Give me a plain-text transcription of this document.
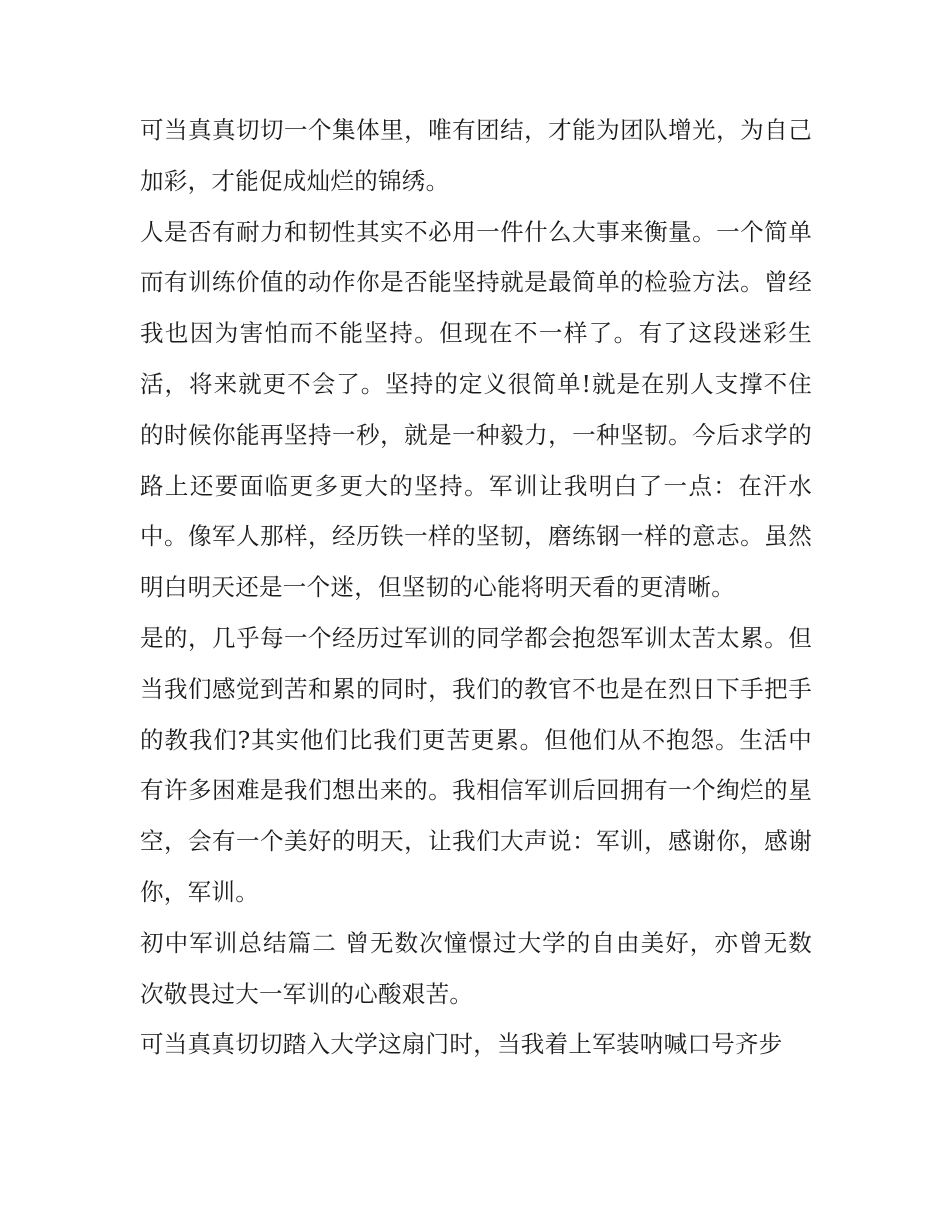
可当真真切切一个集体里，唯有团结，才能为团队增光，为自己加彩，才能促成灿烂的锦绣。

人是否有耐力和韧性其实不必用一件什么大事来衡量。一个简单而有训练价值的动作你是否能坚持就是最简单的检验方法。曾经我也因为害怕而不能坚持。但现在不一样了。有了这段迷彩生活，将来就更不会了。坚持的定义很简单!就是在别人支撑不住的时候你能再坚持一秒，就是一种毅力，一种坚韧。今后求学的路上还要面临更多更大的坚持。军训让我明白了一点：在汗水中。像军人那样，经历铁一样的坚韧，磨练钢一样的意志。虽然明白明天还是一个迷，但坚韧的心能将明天看的更清晰。

是的，几乎每一个经历过军训的同学都会抱怨军训太苦太累。但当我们感觉到苦和累的同时，我们的教官不也是在烈日下手把手的教我们?其实他们比我们更苦更累。但他们从不抱怨。生活中有许多困难是我们想出来的。我相信军训后回拥有一个绚烂的星空，会有一个美好的明天，让我们大声说：军训，感谢你，感谢你，军训。

初中军训总结篇二 曾无数次憧憬过大学的自由美好，亦曾无数次敬畏过大一军训的心酸艰苦。

可当真真切切踏入大学这扇门时，当我着上军装呐喊口号齐步
